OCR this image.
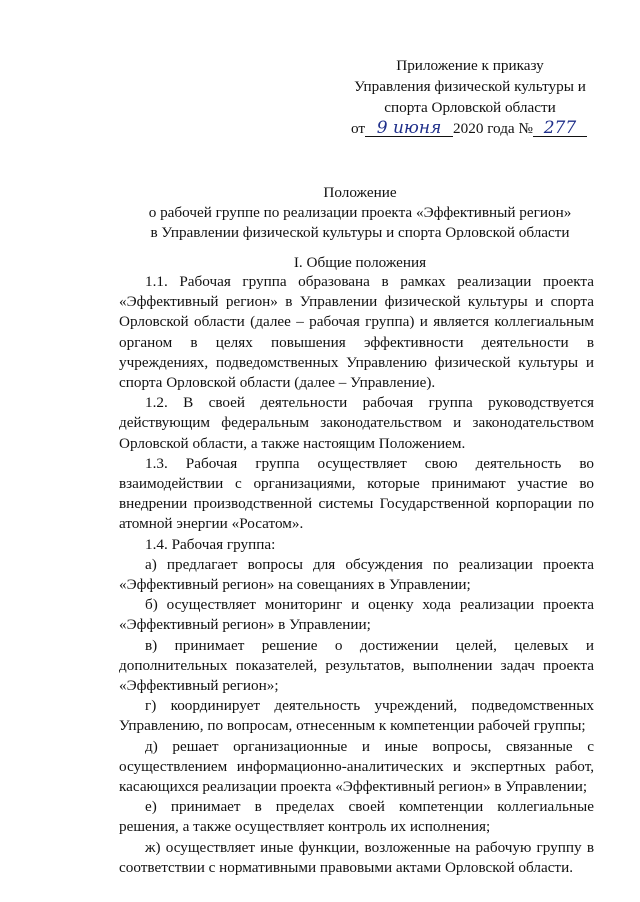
Приложение к приказу
Управления физической культуры и
спорта Орловской области
от 9 июня 2020 года № 277
Положение
о рабочей группе по реализации проекта «Эффективный регион»
в Управлении физической культуры и спорта Орловской области
I. Общие положения

1.1. Рабочая группа образована в рамках реализации проекта «Эффективный регион» в Управлении физической культуры и спорта Орловской области (далее – рабочая группа) и является коллегиальным органом в целях повышения эффективности деятельности в учреждениях, подведомственных Управлению физической культуры и спорта Орловской области (далее – Управление).

1.2. В своей деятельности рабочая группа руководствуется действующим федеральным законодательством и законодательством Орловской области, а также настоящим Положением.

1.3. Рабочая группа осуществляет свою деятельность во взаимодействии с организациями, которые принимают участие во внедрении производственной системы Государственной корпорации по атомной энергии «Росатом».

1.4. Рабочая группа:

а) предлагает вопросы для обсуждения по реализации проекта «Эффективный регион» на совещаниях в Управлении;

б) осуществляет мониторинг и оценку хода реализации проекта «Эффективный регион» в Управлении;

в) принимает решение о достижении целей, целевых и дополнительных показателей, результатов, выполнении задач проекта «Эффективный регион»;

г) координирует деятельность учреждений, подведомственных Управлению, по вопросам, отнесенным к компетенции рабочей группы;

д) решает организационные и иные вопросы, связанные с осуществлением информационно-аналитических и экспертных работ, касающихся реализации проекта «Эффективный регион» в Управлении;

е) принимает в пределах своей компетенции коллегиальные решения, а также осуществляет контроль их исполнения;

ж) осуществляет иные функции, возложенные на рабочую группу в соответствии с нормативными правовыми актами Орловской области.
